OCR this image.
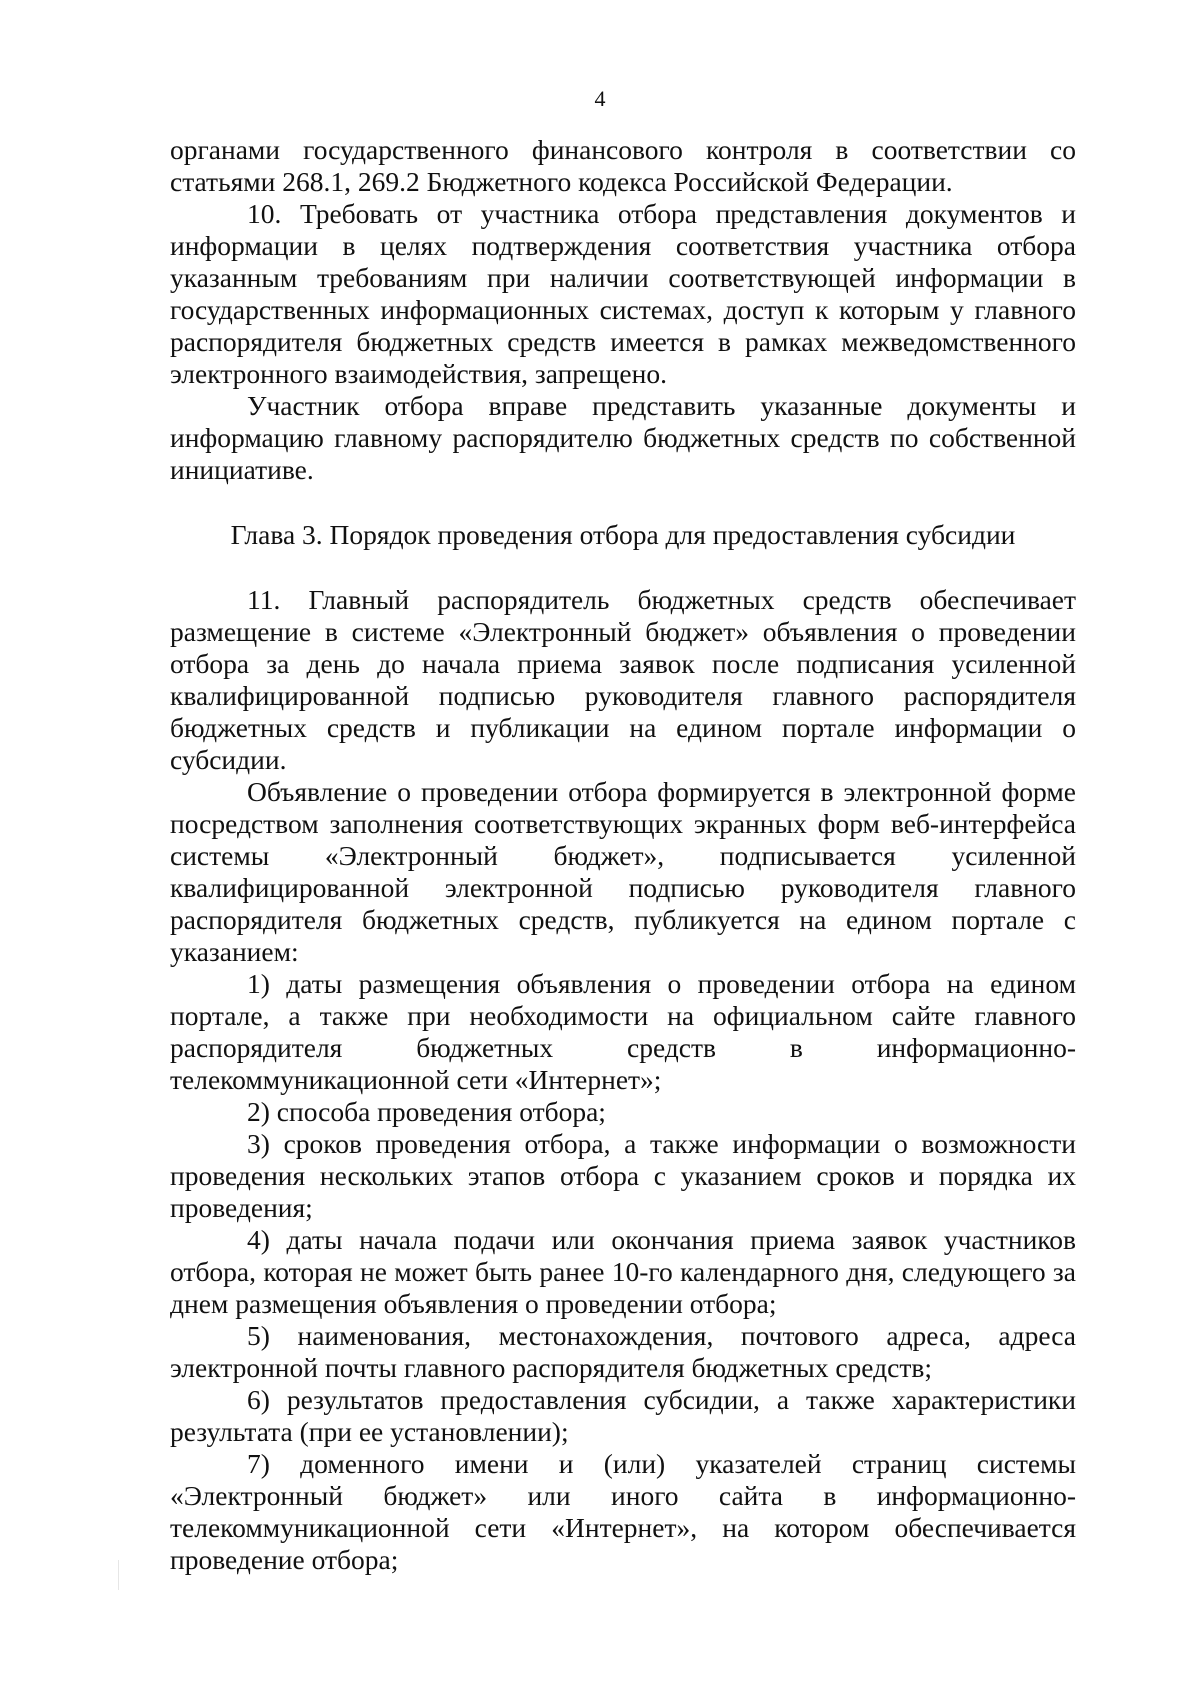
4

органами государственного финансового контроля в соответствии со статьями 268.1, 269.2 Бюджетного кодекса Российской Федерации.

10. Требовать от участника отбора представления документов и информации в целях подтверждения соответствия участника отбора указанным требованиям при наличии соответствующей информации в государственных информационных системах, доступ к которым у главного распорядителя бюджетных средств имеется в рамках межведомственного электронного взаимодействия, запрещено.

Участник отбора вправе представить указанные документы и информацию главному распорядителю бюджетных средств по собственной инициативе.

Глава 3. Порядок проведения отбора для предоставления субсидии

11. Главный распорядитель бюджетных средств обеспечивает размещение в системе «Электронный бюджет» объявления о проведении отбора за день до начала приема заявок после подписания усиленной квалифицированной подписью руководителя главного распорядителя бюджетных средств и публикации на едином портале информации о субсидии.

Объявление о проведении отбора формируется в электронной форме посредством заполнения соответствующих экранных форм веб-интерфейса системы «Электронный бюджет», подписывается усиленной квалифицированной электронной подписью руководителя главного распорядителя бюджетных средств, публикуется на едином портале с указанием:

1) даты размещения объявления о проведении отбора на едином портале, а также при необходимости на официальном сайте главного распорядителя бюджетных средств в информационно-телекоммуникационной сети «Интернет»;

2) способа проведения отбора;

3) сроков проведения отбора, а также информации о возможности проведения нескольких этапов отбора с указанием сроков и порядка их проведения;

4) даты начала подачи или окончания приема заявок участников отбора, которая не может быть ранее 10-го календарного дня, следующего за днем размещения объявления о проведении отбора;

5) наименования, местонахождения, почтового адреса, адреса электронной почты главного распорядителя бюджетных средств;

6) результатов предоставления субсидии, а также характеристики результата (при ее установлении);

7) доменного имени и (или) указателей страниц системы «Электронный бюджет» или иного сайта в информационно-телекоммуникационной сети «Интернет», на котором обеспечивается проведение отбора;
